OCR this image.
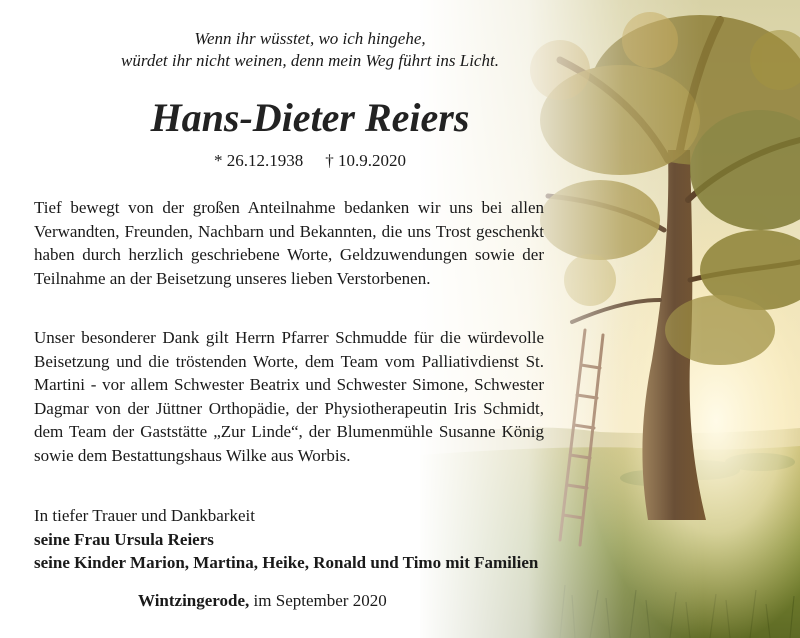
Wenn ihr wüsstet, wo ich hingehe,
würdet ihr nicht weinen, denn mein Weg führt ins Licht.
Hans-Dieter Reiers
* 26.12.1938 † 10.9.2020
Tief bewegt von der großen Anteilnahme bedanken wir uns bei allen Verwandten, Freunden, Nachbarn und Bekannten, die uns Trost geschenkt haben durch herzlich geschriebene Worte, Geldzuwendungen sowie der Teilnahme an der Beisetzung unseres lieben Verstorbenen.
Unser besonderer Dank gilt Herrn Pfarrer Schmudde für die würdevolle Beisetzung und die tröstenden Worte, dem Team vom Palliativdienst St. Martini - vor allem Schwester Beatrix und Schwester Simone, Schwester Dagmar von der Jüttner Orthopädie, der Physiotherapeutin Iris Schmidt, dem Team der Gaststätte „Zur Linde“, der Blumenmühle Susanne König sowie dem Bestattungshaus Wilke aus Worbis.
In tiefer Trauer und Dankbarkeit
seine Frau Ursula Reiers
seine Kinder Marion, Martina, Heike, Ronald und Timo mit Familien
Wintzingerode, im September 2020
